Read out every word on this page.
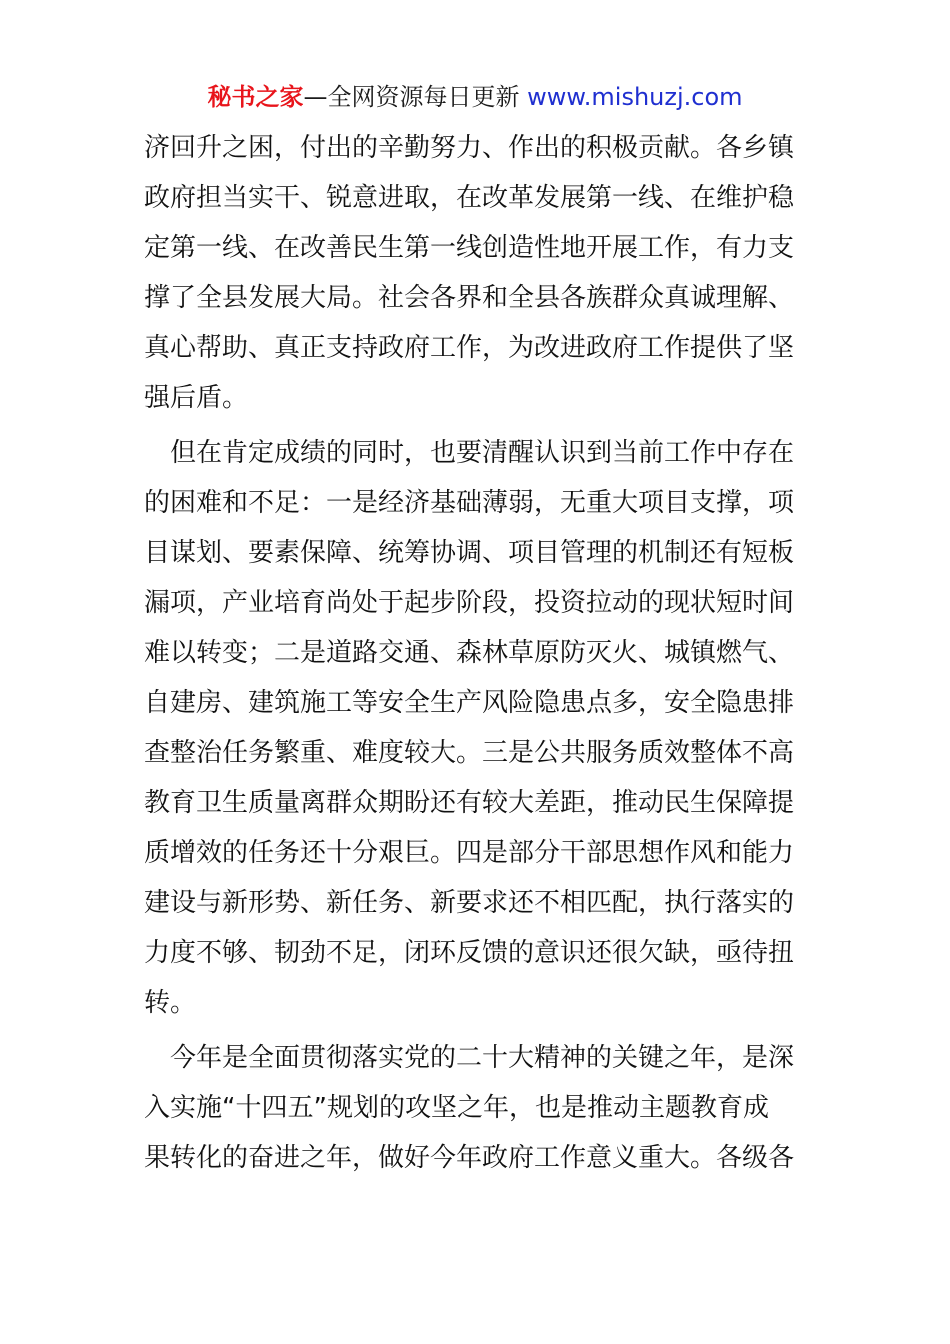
秘书之家—全网资源每日更新 www.mishuzj.com
济回升之困，付出的辛勤努力、作出的积极贡献。各乡镇
政府担当实干、锐意进取，在改革发展第一线、在维护稳
定第一线、在改善民生第一线创造性地开展工作，有力支
撑了全县发展大局。社会各界和全县各族群众真诚理解、
真心帮助、真正支持政府工作，为改进政府工作提供了坚
强后盾。
　但在肯定成绩的同时，也要清醒认识到当前工作中存在
的困难和不足：一是经济基础薄弱，无重大项目支撑，项
目谋划、要素保障、统筹协调、项目管理的机制还有短板
漏项，产业培育尚处于起步阶段，投资拉动的现状短时间
难以转变；二是道路交通、森林草原防灭火、城镇燃气、
自建房、建筑施工等安全生产风险隐患点多，安全隐患排
查整治任务繁重、难度较大。三是公共服务质效整体不高
教育卫生质量离群众期盼还有较大差距，推动民生保障提
质增效的任务还十分艰巨。四是部分干部思想作风和能力
建设与新形势、新任务、新要求还不相匹配，执行落实的
力度不够、韧劲不足，闭环反馈的意识还很欠缺，亟待扭
转。
　今年是全面贯彻落实党的二十大精神的关键之年，是深
入实施“十四五”规划的攻坚之年，也是推动主题教育成
果转化的奋进之年，做好今年政府工作意义重大。各级各
